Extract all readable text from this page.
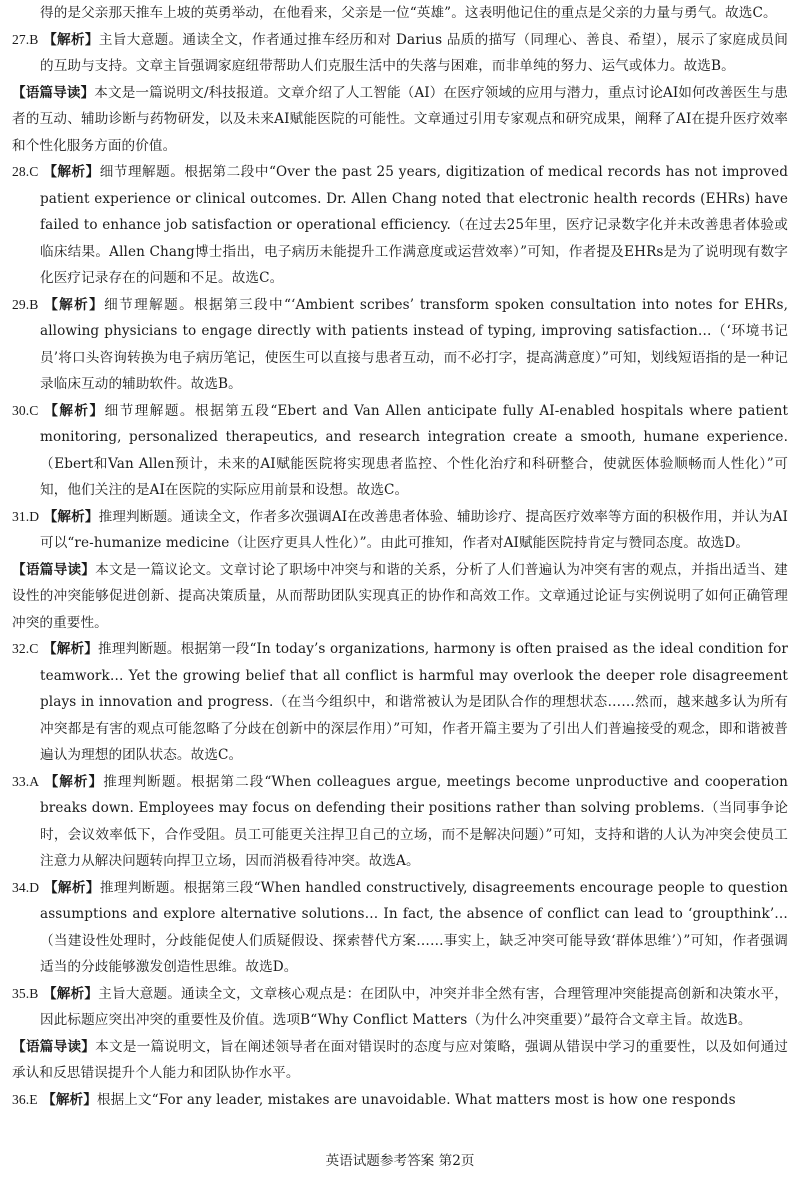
得的是父亲那天推车上坡的英勇举动，在他看来，父亲是一位“英雄”。这表明他记住的重点是父亲的力量与勇气。故选C。

27.B 【解析】主旨大意题。通读全文，作者通过推车经历和对 Darius 品质的描写（同理心、善良、希望），展示了家庭成员间的互助与支持。文章主旨强调家庭纽带帮助人们克服生活中的失落与困难，而非单纯的努力、运气或体力。故选B。

【语篇导读】本文是一篇说明文/科技报道。文章介绍了人工智能（AI）在医疗领域的应用与潜力，重点讨论AI如何改善医生与患者的互动、辅助诊断与药物研发，以及未来AI赋能医院的可能性。文章通过引用专家观点和研究成果，阐释了AI在提升医疗效率和个性化服务方面的价值。

28.C 【解析】细节理解题。根据第二段中“Over the past 25 years, digitization of medical records has not improved patient experience or clinical outcomes. Dr. Allen Chang noted that electronic health records (EHRs) have failed to enhance job satisfaction or operational efficiency.（在过去25年里，医疗记录数字化并未改善患者体验或临床结果。Allen Chang博士指出，电子病历未能提升工作满意度或运营效率）”可知，作者提及EHRs是为了说明现有数字化医疗记录存在的问题和不足。故选C。

29.B 【解析】细节理解题。根据第三段中“‘Ambient scribes’ transform spoken consultation into notes for EHRs, allowing physicians to engage directly with patients instead of typing, improving satisfaction…（‘环境书记员’将口头咨询转换为电子病历笔记，使医生可以直接与患者互动，而不必打字，提高满意度）”可知，划线短语指的是一种记录临床互动的辅助软件。故选B。

30.C 【解析】细节理解题。根据第五段“Ebert and Van Allen anticipate fully AI-enabled hospitals where patient monitoring, personalized therapeutics, and research integration create a smooth, humane experience.（Ebert和Van Allen预计，未来的AI赋能医院将实现患者监控、个性化治疗和科研整合，使就医体验顺畅而人性化）”可知，他们关注的是AI在医院的实际应用前景和设想。故选C。

31.D 【解析】推理判断题。通读全文，作者多次强调AI在改善患者体验、辅助诊疗、提高医疗效率等方面的积极作用，并认为AI可以“re-humanize medicine（让医疗更具人性化）”。由此可推知，作者对AI赋能医院持肯定与赞同态度。故选D。

【语篇导读】本文是一篇议论文。文章讨论了职场中冲突与和谐的关系，分析了人们普遍认为冲突有害的观点，并指出适当、建设性的冲突能够促进创新、提高决策质量，从而帮助团队实现真正的协作和高效工作。文章通过论证与实例说明了如何正确管理冲突的重要性。

32.C 【解析】推理判断题。根据第一段“In today’s organizations, harmony is often praised as the ideal condition for teamwork… Yet the growing belief that all conflict is harmful may overlook the deeper role disagreement plays in innovation and progress.（在当今组织中，和谐常被认为是团队合作的理想状态……然而，越来越多认为所有冲突都是有害的观点可能忽略了分歧在创新中的深层作用）”可知，作者开篇主要为了引出人们普遍接受的观念，即和谐被普遍认为理想的团队状态。故选C。

33.A 【解析】推理判断题。根据第二段“When colleagues argue, meetings become unproductive and cooperation breaks down. Employees may focus on defending their positions rather than solving problems.（当同事争论时，会议效率低下，合作受阻。员工可能更关注捍卫自己的立场，而不是解决问题）”可知，支持和谐的人认为冲突会使员工注意力从解决问题转向捍卫立场，因而消极看待冲突。故选A。

34.D 【解析】推理判断题。根据第三段“When handled constructively, disagreements encourage people to question assumptions and explore alternative solutions… In fact, the absence of conflict can lead to ‘groupthink’…（当建设性处理时，分歧能促使人们质疑假设、探索替代方案……事实上，缺乏冲突可能导致‘群体思维’）”可知，作者强调适当的分歧能够激发创造性思维。故选D。

35.B 【解析】主旨大意题。通读全文，文章核心观点是：在团队中，冲突并非全然有害，合理管理冲突能提高创新和决策水平，因此标题应突出冲突的重要性及价值。选项B“Why Conflict Matters（为什么冲突重要）”最符合文章主旨。故选B。

【语篇导读】本文是一篇说明文，旨在阐述领导者在面对错误时的态度与应对策略，强调从错误中学习的重要性，以及如何通过承认和反思错误提升个人能力和团队协作水平。

36.E 【解析】根据上文“For any leader, mistakes are unavoidable. What matters most is how one responds

英语试题参考答案 第2页
